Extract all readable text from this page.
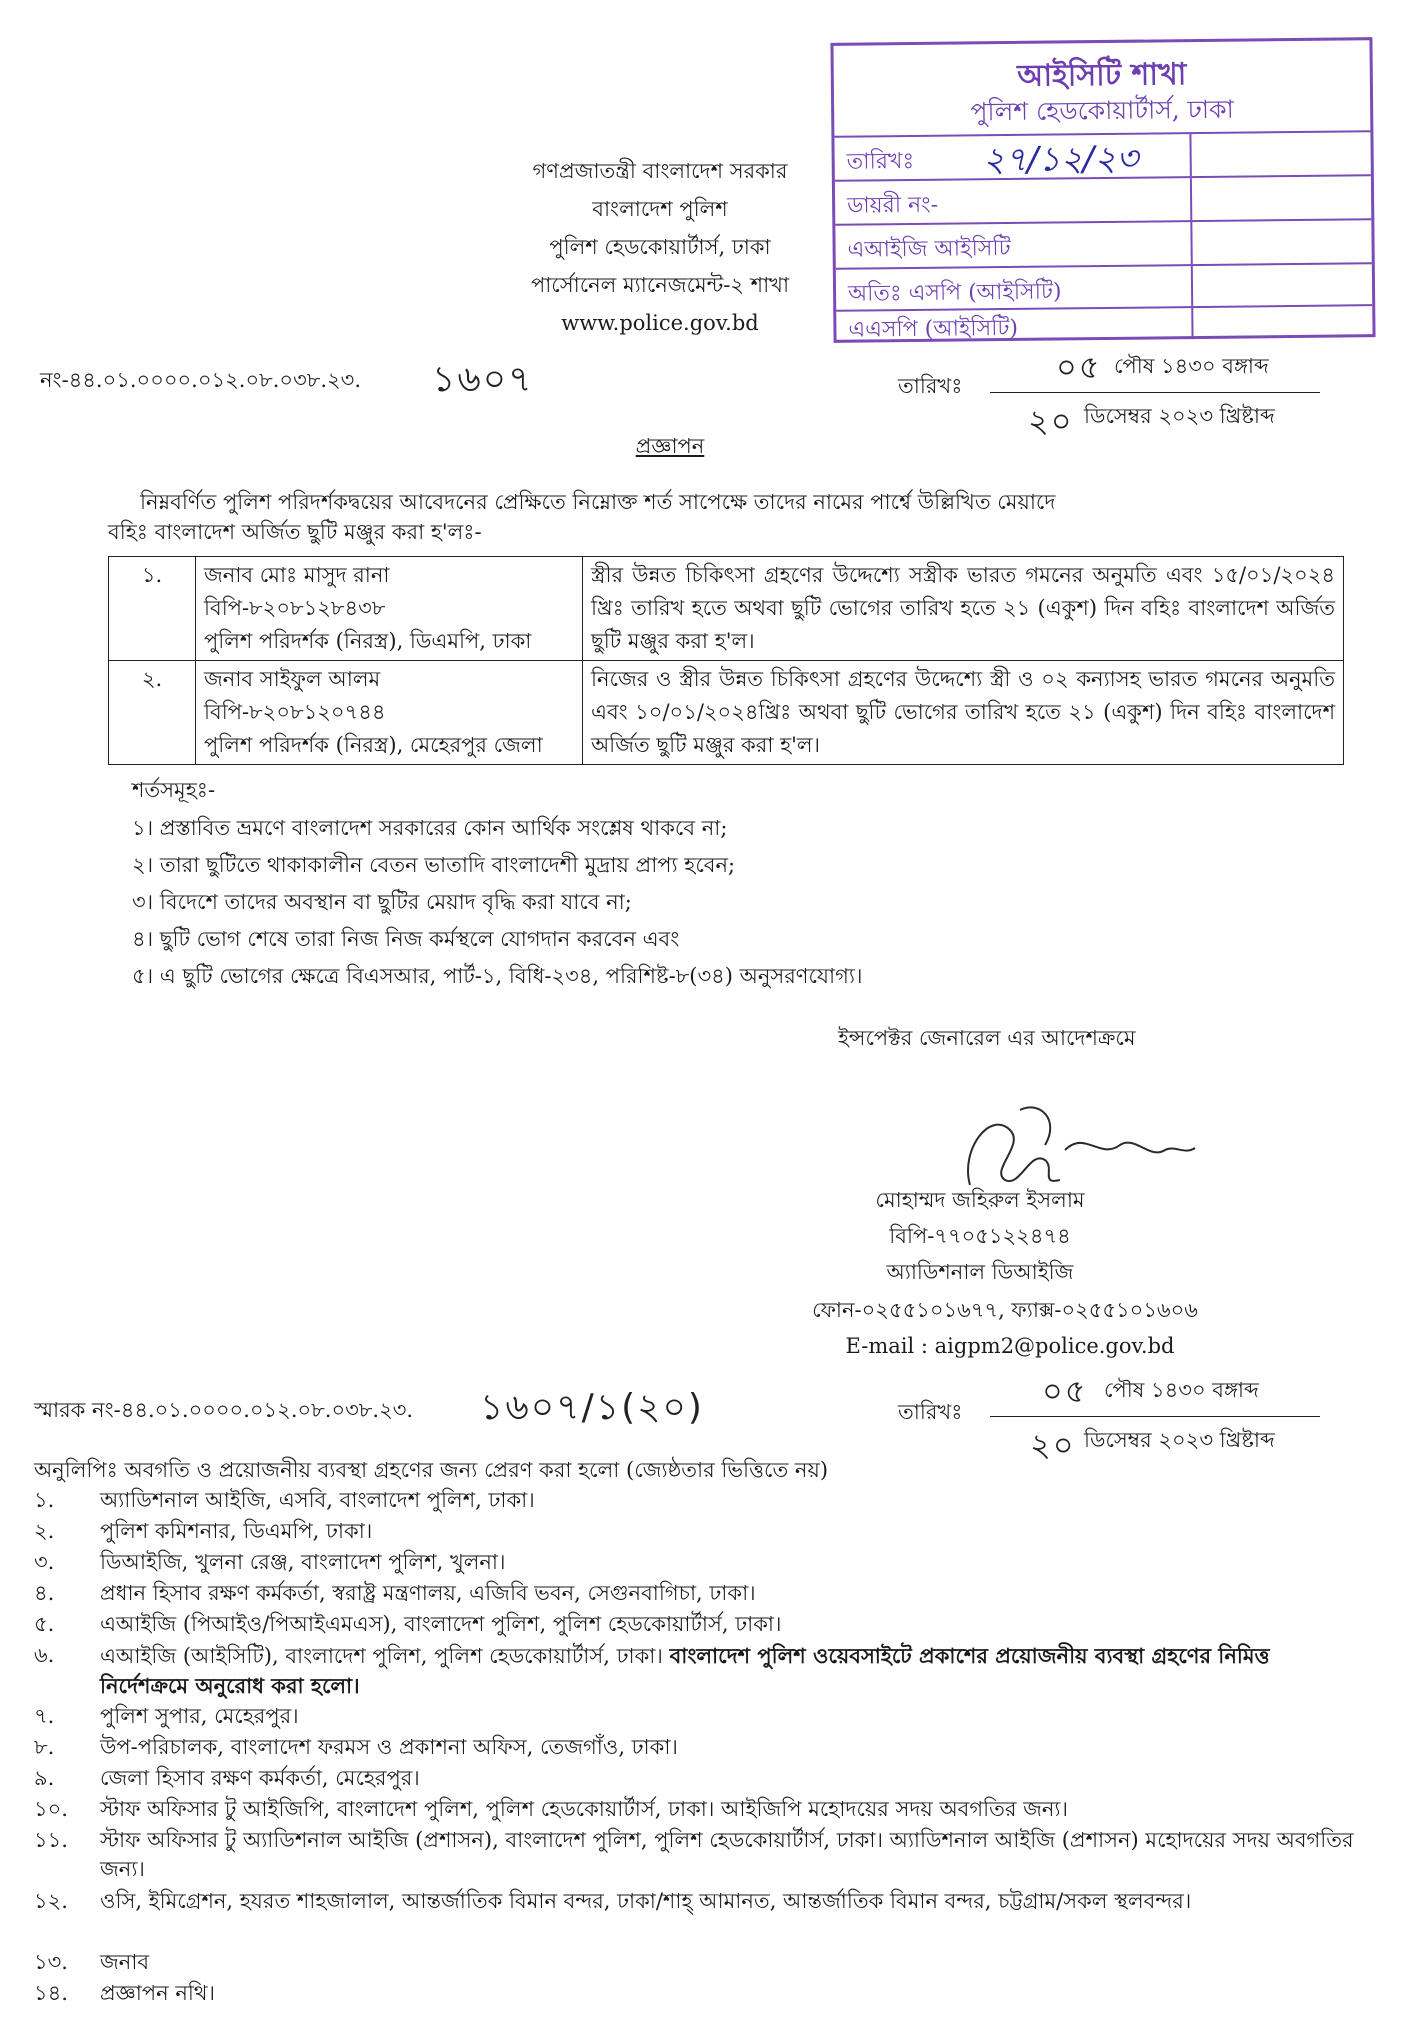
আইসিটি শাখা
পুলিশ হেডকোয়ার্টার্স, ঢাকা
তারিখঃ ২৭/১২/২৩
ডায়রী নং-
এআইজি আইসিটি
অতিঃ এসপি (আইসিটি)
এএসপি (আইসিটি)
গণপ্রজাতন্ত্রী বাংলাদেশ সরকার
বাংলাদেশ পুলিশ
পুলিশ হেডকোয়ার্টার্স, ঢাকা
পার্সোনেল ম্যানেজমেন্ট-২ শাখা
www.police.gov.bd
নং-৪৪.০১.০০০০.০১২.০৮.০৩৮.২৩. ১৬০৭	তারিখঃ	০৫ পৌষ ১৪৩০ বঙ্গাব্দ
২০ ডিসেম্বর ২০২৩ খ্রিষ্টাব্দ
প্রজ্ঞাপন
নিম্নবর্ণিত পুলিশ পরিদর্শকদ্বয়ের আবেদনের প্রেক্ষিতে নিম্নোক্ত শর্ত সাপেক্ষে তাদের নামের পার্শ্বে উল্লিখিত মেয়াদে
বহিঃ বাংলাদেশ অর্জিত ছুটি মঞ্জুর করা হ'লঃ-
১.	জনাব মোঃ মাসুদ রানা
বিপি-৮২০৮১২৮৪৩৮
পুলিশ পরিদর্শক (নিরস্ত্র), ডিএমপি, ঢাকা	স্ত্রীর উন্নত চিকিৎসা গ্রহণের উদ্দেশ্যে সস্ত্রীক ভারত গমনের অনুমতি এবং ১৫/০১/২০২৪ খ্রিঃ তারিখ হতে অথবা ছুটি ভোগের তারিখ হতে ২১ (একুশ) দিন বহিঃ বাংলাদেশ অর্জিত ছুটি মঞ্জুর করা হ'ল।
২.	জনাব সাইফুল আলম
বিপি-৮২০৮১২০৭৪৪
পুলিশ পরিদর্শক (নিরস্ত্র), মেহেরপুর জেলা	নিজের ও স্ত্রীর উন্নত চিকিৎসা গ্রহণের উদ্দেশ্যে স্ত্রী ও ০২ কন্যাসহ ভারত গমনের অনুমতি এবং ১০/০১/২০২৪খ্রিঃ অথবা ছুটি ভোগের তারিখ হতে ২১ (একুশ) দিন বহিঃ বাংলাদেশ অর্জিত ছুটি মঞ্জুর করা হ'ল।
শর্তসমূহঃ-
১। প্রস্তাবিত ভ্রমণে বাংলাদেশ সরকারের কোন আর্থিক সংশ্লেষ থাকবে না;
২। তারা ছুটিতে থাকাকালীন বেতন ভাতাদি বাংলাদেশী মুদ্রায় প্রাপ্য হবেন;
৩। বিদেশে তাদের অবস্থান বা ছুটির মেয়াদ বৃদ্ধি করা যাবে না;
৪। ছুটি ভোগ শেষে তারা নিজ নিজ কর্মস্থলে যোগদান করবেন এবং
৫। এ ছুটি ভোগের ক্ষেত্রে বিএসআর, পার্ট-১, বিধি-২৩৪, পরিশিষ্ট-৮(৩৪) অনুসরণযোগ্য।
ইন্সপেক্টর জেনারেল এর আদেশক্রমে
মোহাম্মদ জহিরুল ইসলাম
বিপি-৭৭০৫১২২৪৭৪
অ্যাডিশনাল ডিআইজি
ফোন-০২৫৫১০১৬৭৭, ফ্যাক্স-০২৫৫১০১৬০৬
E-mail : aigpm2@police.gov.bd
স্মারক নং-৪৪.০১.০০০০.০১২.০৮.০৩৮.২৩. ১৬০৭/১(২০)	তারিখঃ
০৫ পৌষ ১৪৩০ বঙ্গাব্দ
২০ ডিসেম্বর ২০২৩ খ্রিষ্টাব্দ
অনুলিপিঃ অবগতি ও প্রয়োজনীয় ব্যবস্থা গ্রহণের জন্য প্রেরণ করা হলো (জ্যেষ্ঠতার ভিত্তিতে নয়)
১.	অ্যাডিশনাল আইজি, এসবি, বাংলাদেশ পুলিশ, ঢাকা।
২.	পুলিশ কমিশনার, ডিএমপি, ঢাকা।
৩.	ডিআইজি, খুলনা রেঞ্জ, বাংলাদেশ পুলিশ, খুলনা।
৪.	প্রধান হিসাব রক্ষণ কর্মকর্তা, স্বরাষ্ট্র মন্ত্রণালয়, এজিবি ভবন, সেগুনবাগিচা, ঢাকা।
৫.	এআইজি (পিআইও/পিআইএমএস), বাংলাদেশ পুলিশ, পুলিশ হেডকোয়ার্টার্স, ঢাকা।
৬.	এআইজি (আইসিটি), বাংলাদেশ পুলিশ, পুলিশ হেডকোয়ার্টার্স, ঢাকা। বাংলাদেশ পুলিশ ওয়েবসাইটে প্রকাশের প্রয়োজনীয় ব্যবস্থা গ্রহণের নিমিত্ত নির্দেশক্রমে অনুরোধ করা হলো।
৭.	পুলিশ সুপার, মেহেরপুর।
৮.	উপ-পরিচালক, বাংলাদেশ ফরমস ও প্রকাশনা অফিস, তেজগাঁও, ঢাকা।
৯.	জেলা হিসাব রক্ষণ কর্মকর্তা, মেহেরপুর।
১০.	স্টাফ অফিসার টু আইজিপি, বাংলাদেশ পুলিশ, পুলিশ হেডকোয়ার্টার্স, ঢাকা। আইজিপি মহোদয়ের সদয় অবগতির জন্য।
১১.	স্টাফ অফিসার টু অ্যাডিশনাল আইজি (প্রশাসন), বাংলাদেশ পুলিশ, পুলিশ হেডকোয়ার্টার্স, ঢাকা। অ্যাডিশনাল আইজি (প্রশাসন) মহোদয়ের সদয় অবগতির জন্য।
১২.	ওসি, ইমিগ্রেশন, হযরত শাহজালাল, আন্তর্জাতিক বিমান বন্দর, ঢাকা/শাহ্ আমানত, আন্তর্জাতিক বিমান বন্দর, চট্টগ্রাম/সকল স্থলবন্দর।
১৩.	জনাব
১৪.	প্রজ্ঞাপন নথি।
